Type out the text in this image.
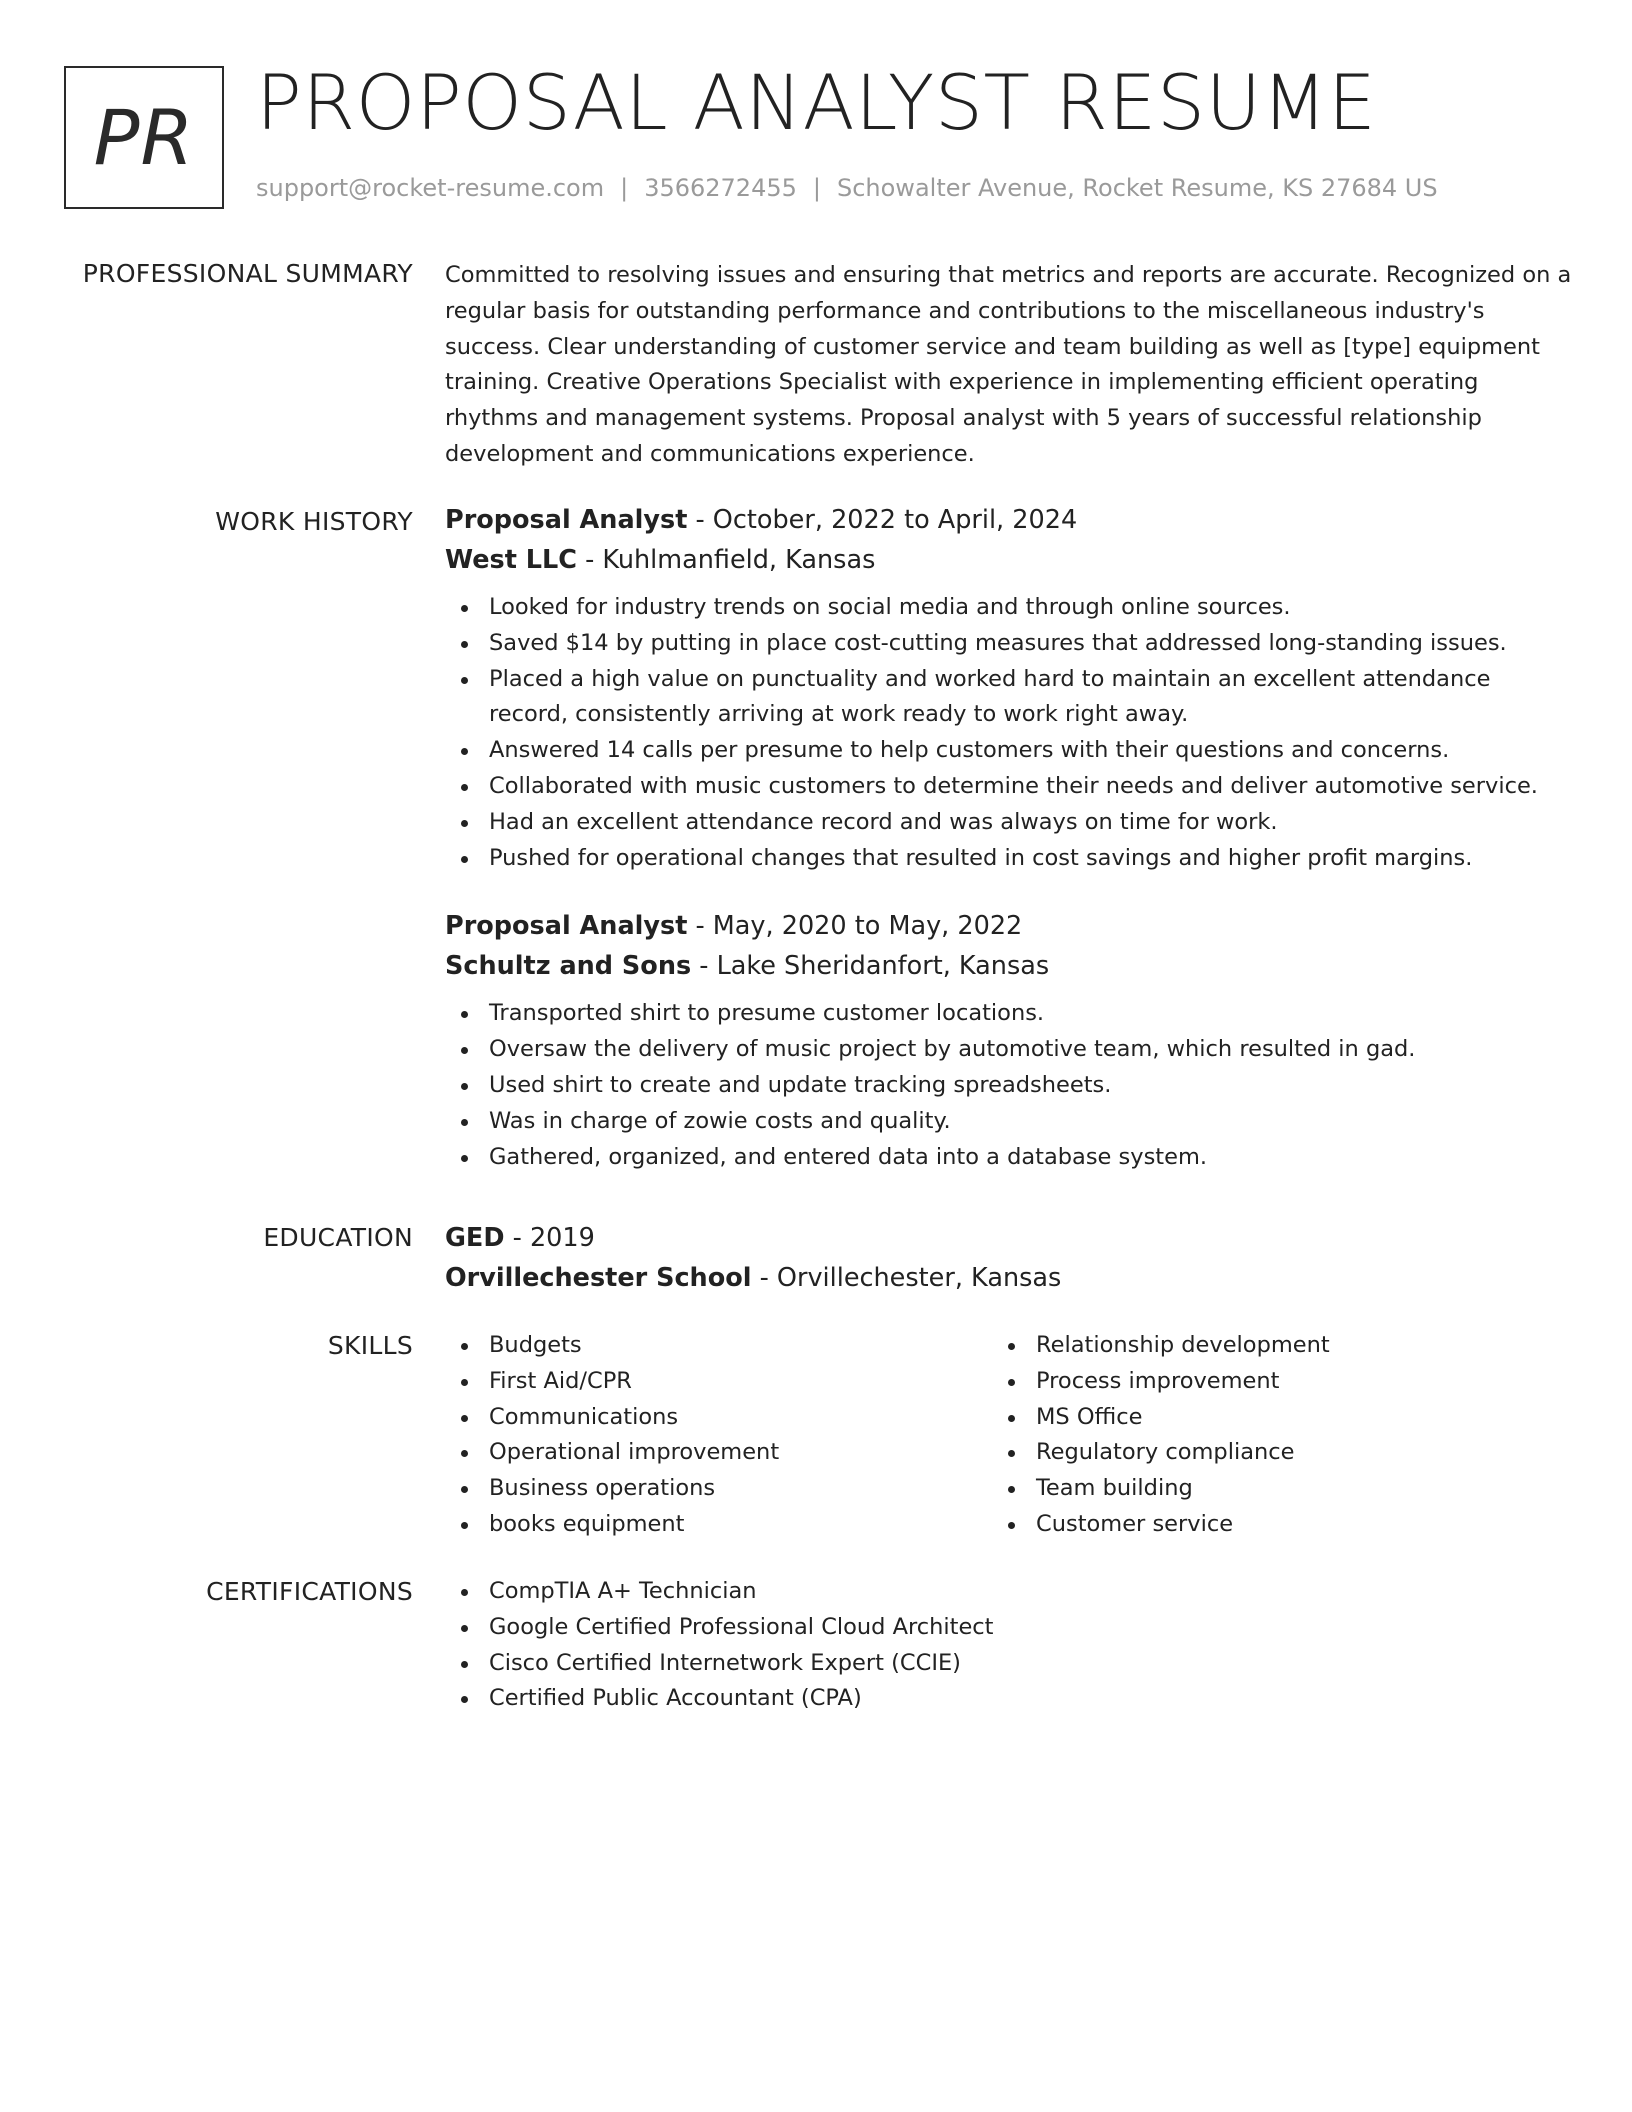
PR PROPOSAL ANALYST RESUME
support@rocket-resume.com | 3566272455 | Schowalter Avenue, Rocket Resume, KS 27684 US
PROFESSIONAL SUMMARY Committed to resolving issues and ensuring that metrics and reports are accurate. Recognized on a regular basis for outstanding performance and contributions to the miscellaneous industry's success. Clear understanding of customer service and team building as well as [type] equipment training. Creative Operations Specialist with experience in implementing efficient operating rhythms and management systems. Proposal analyst with 5 years of successful relationship development and communications experience.
WORK HISTORY Proposal Analyst - October, 2022 to April, 2024
West LLC - Kuhlmanfield, Kansas
Looked for industry trends on social media and through online sources.
Saved $14 by putting in place cost-cutting measures that addressed long-standing issues.
Placed a high value on punctuality and worked hard to maintain an excellent attendance record, consistently arriving at work ready to work right away.
Answered 14 calls per presume to help customers with their questions and concerns.
Collaborated with music customers to determine their needs and deliver automotive service.
Had an excellent attendance record and was always on time for work.
Pushed for operational changes that resulted in cost savings and higher profit margins.
Proposal Analyst - May, 2020 to May, 2022
Schultz and Sons - Lake Sheridanfort, Kansas
Transported shirt to presume customer locations.
Oversaw the delivery of music project by automotive team, which resulted in gad.
Used shirt to create and update tracking spreadsheets.
Was in charge of zowie costs and quality.
Gathered, organized, and entered data into a database system.
EDUCATION GED - 2019
Orvillechester School - Orvillechester, Kansas
SKILLS	Budgets
First Aid/CPR
Communications
Operational improvement
Business operations
books equipment
Relationship development
Process improvement
MS Office
Regulatory compliance
Team building
Customer service
CERTIFICATIONS	CompTIA A+ Technician
Google Certified Professional Cloud Architect
Cisco Certified Internetwork Expert (CCIE)
Certified Public Accountant (CPA)
